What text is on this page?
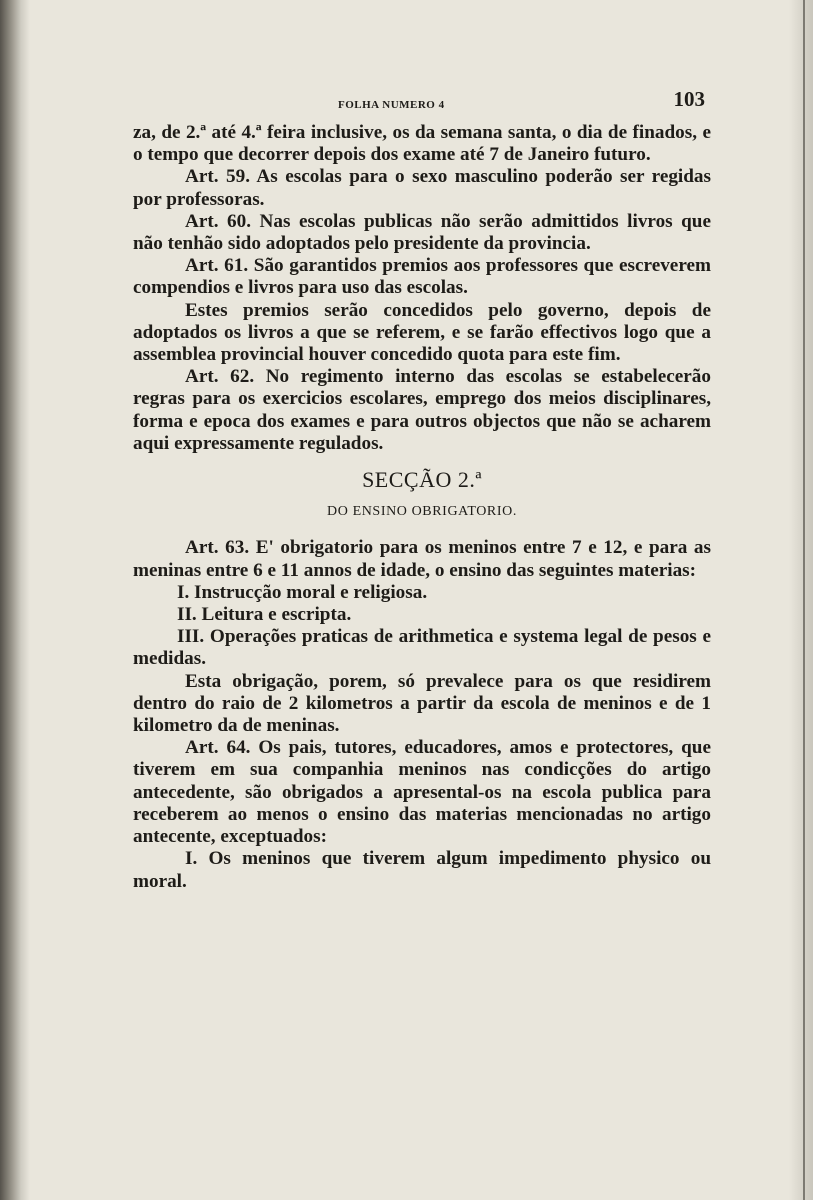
FOLHA NUMERO 4	103

za, de 2.ª até 4.ª feira inclusive, os da semana santa, o dia de finados, e o tempo que decorrer depois dos exame até 7 de Janeiro futuro.

Art. 59. As escolas para o sexo masculino poderão ser regidas por professoras.

Art. 60. Nas escolas publicas não serão admittidos livros que não tenhão sido adoptados pelo presidente da provincia.

Art. 61. São garantidos premios aos professores que escreverem compendios e livros para uso das escolas.

Estes premios serão concedidos pelo governo, depois de adoptados os livros a que se referem, e se farão effectivos logo que a assemblea provincial houver concedido quota para este fim.

Art. 62. No regimento interno das escolas se estabelecerão regras para os exercicios escolares, emprego dos meios disciplinares, forma e epoca dos exames e para outros objectos que não se acharem aqui expressamente regulados.

SECÇÃO 2.ª
DO ENSINO OBRIGATORIO.

Art. 63. E' obrigatorio para os meninos entre 7 e 12, e para as meninas entre 6 e 11 annos de idade, o ensino das seguintes materias:

I. Instrucção moral e religiosa.

II. Leitura e escripta.

III. Operações praticas de arithmetica e systema legal de pesos e medidas.

Esta obrigação, porem, só prevalece para os que residirem dentro do raio de 2 kilometros a partir da escola de meninos e de 1 kilometro da de meninas.

Art. 64. Os pais, tutores, educadores, amos e protectores, que tiverem em sua companhia meninos nas condicções do artigo antecedente, são obrigados a apresental-os na escola publica para receberem ao menos o ensino das materias mencionadas no artigo antecente, exceptuados:

I. Os meninos que tiverem algum impedimento physico ou moral.
